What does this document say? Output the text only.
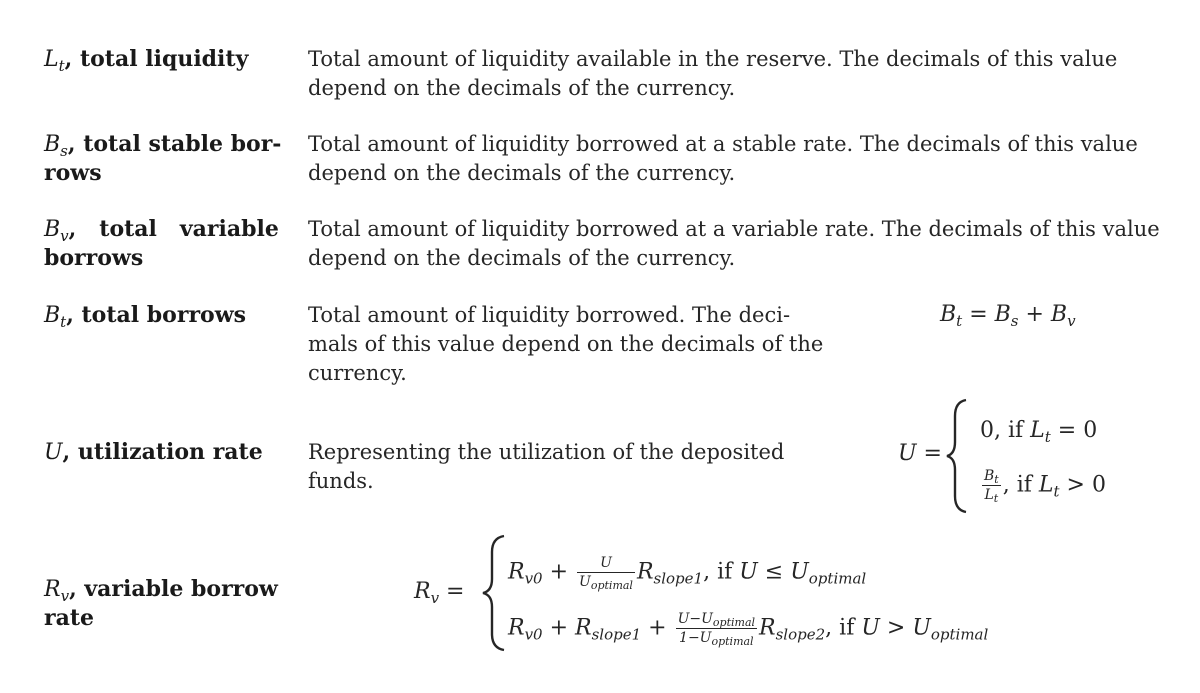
$L_t$, total liquidity	Total amount of liquidity available in the reserve. The decimals of this value depend on the decimals of the currency.
$B_s$, total stable bor-
rows
Total amount of liquidity borrowed at a stable rate. The decimals of this value depend on the decimals of the currency.
$B_v$,   total   variable
borrows
Total amount of liquidity borrowed at a variable rate. The decimals of this value depend on the decimals of the currency.
$B_t$, total borrows	Total amount of liquidity borrowed. The deci-mals of this value depend on the decimals of the currency.
$B_t = B_s + B_v$
U, utilization rate Representing the utilization of the deposited funds.
U =
0, if $L_t = 0$
$\frac{B_t}{L_t}$ , if $L_t > 0$
$R_v$, variable borrow
rate
$R_v$ =
$R_{v0} + \frac{U}{U_{optimal}} R_{slope1}$, if $U \le U_{optimal}$
$R_{v0} + R_{slope1} + \frac{U-U_{optimal}}{1-U_{optimal}} R_{slope2}$, if $U > U_{optimal}$
